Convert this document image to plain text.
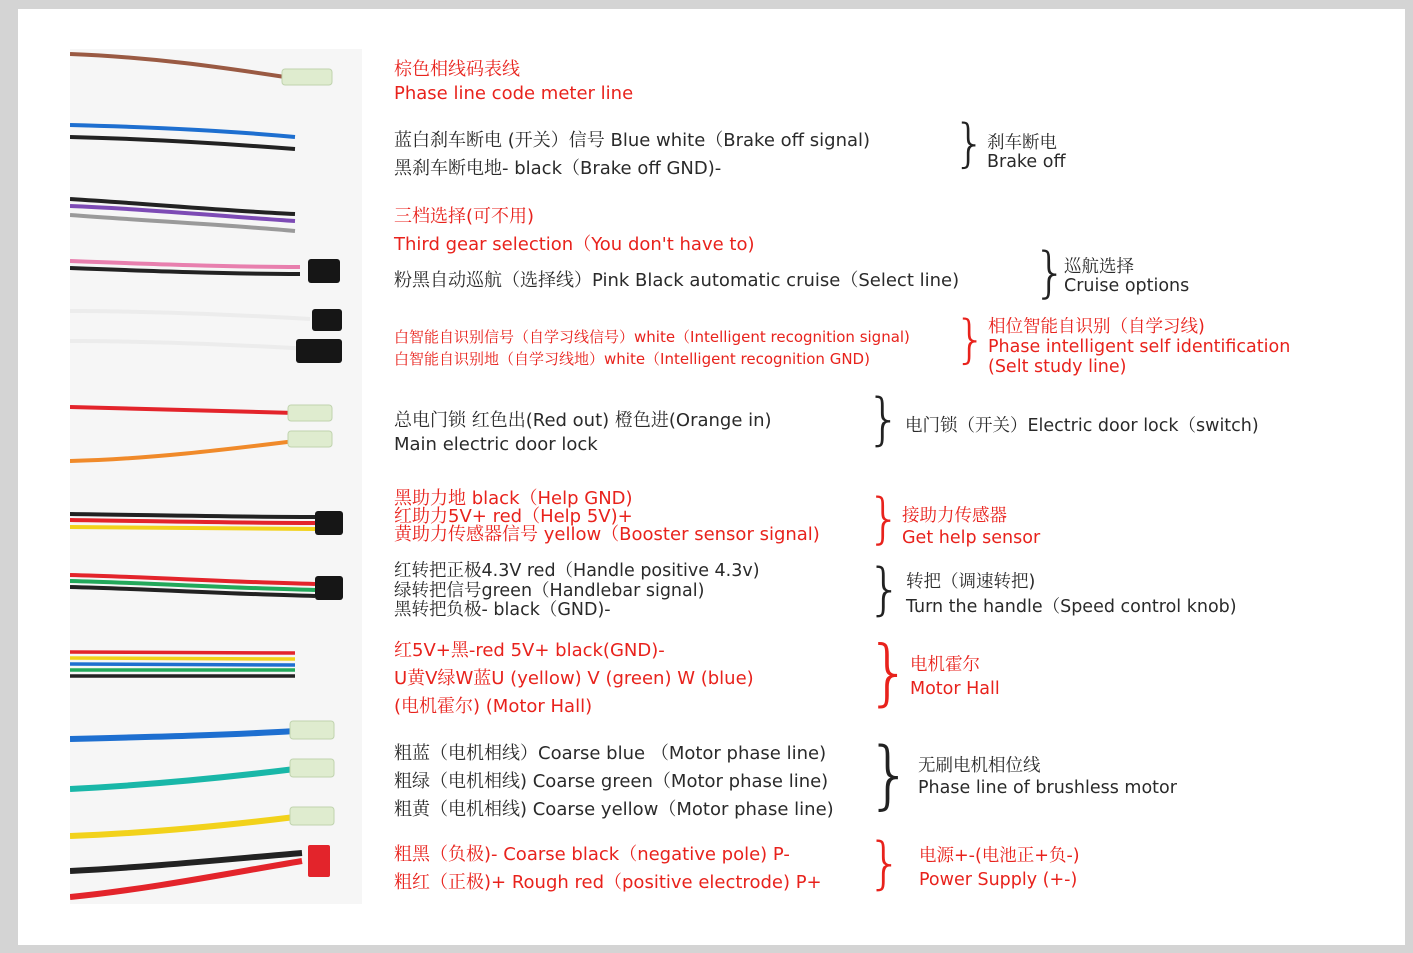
棕色相线码表线
Phase line code meter line
蓝白刹车断电 (开关）信号 Blue white（Brake off signal)
黑刹车断电地- black（Brake off GND)-	} 刹车断电
Brake off
三档选择(可不用)
Third gear selection（You don't have to)
粉黑自动巡航（选择线）Pink Black automatic cruise（Select line) }
巡航选择
Cruise options
白智能自识别信号（自学习线信号）white（Intelligent recognition signal)
白智能自识别地（自学习线地）white（Intelligent recognition GND) } 相位智能自识别（自学习线)
Phase intelligent self identification
(Selt study line)
总电门锁 红色出(Red out) 橙色进(Orange in)
Main electric door lock	} 电门锁（开关）Electric door lock（switch)
黑助力地 black（Help GND)
红助力5V+ red（Help 5V)+
黄助力传感器信号 yellow（Booster sensor signal) } 接助力传感器
Get help sensor
红转把正极4.3V red（Handle positive 4.3v)
绿转把信号green（Handlebar signal)
黑转把负极- black（GND)-	} 转把（调速转把)
Turn the handle（Speed control knob)
红5V+黑-red 5V+ black(GND)-
U黄V绿W蓝U (yellow) V (green) W (blue)
(电机霍尔) (Motor Hall)	}
电机霍尔
Motor Hall
粗蓝（电机相线）Coarse blue （Motor phase line)
粗绿（电机相线) Coarse green（Motor phase line)
粗黄（电机相线) Coarse yellow（Motor phase line) } 无刷电机相位线
Phase line of brushless motor
粗黑（负极)- Coarse black（negative pole) P-
粗红（正极)+ Rough red（positive electrode) P+ } 电源+-(电池正+负-)
Power Supply (+-)
